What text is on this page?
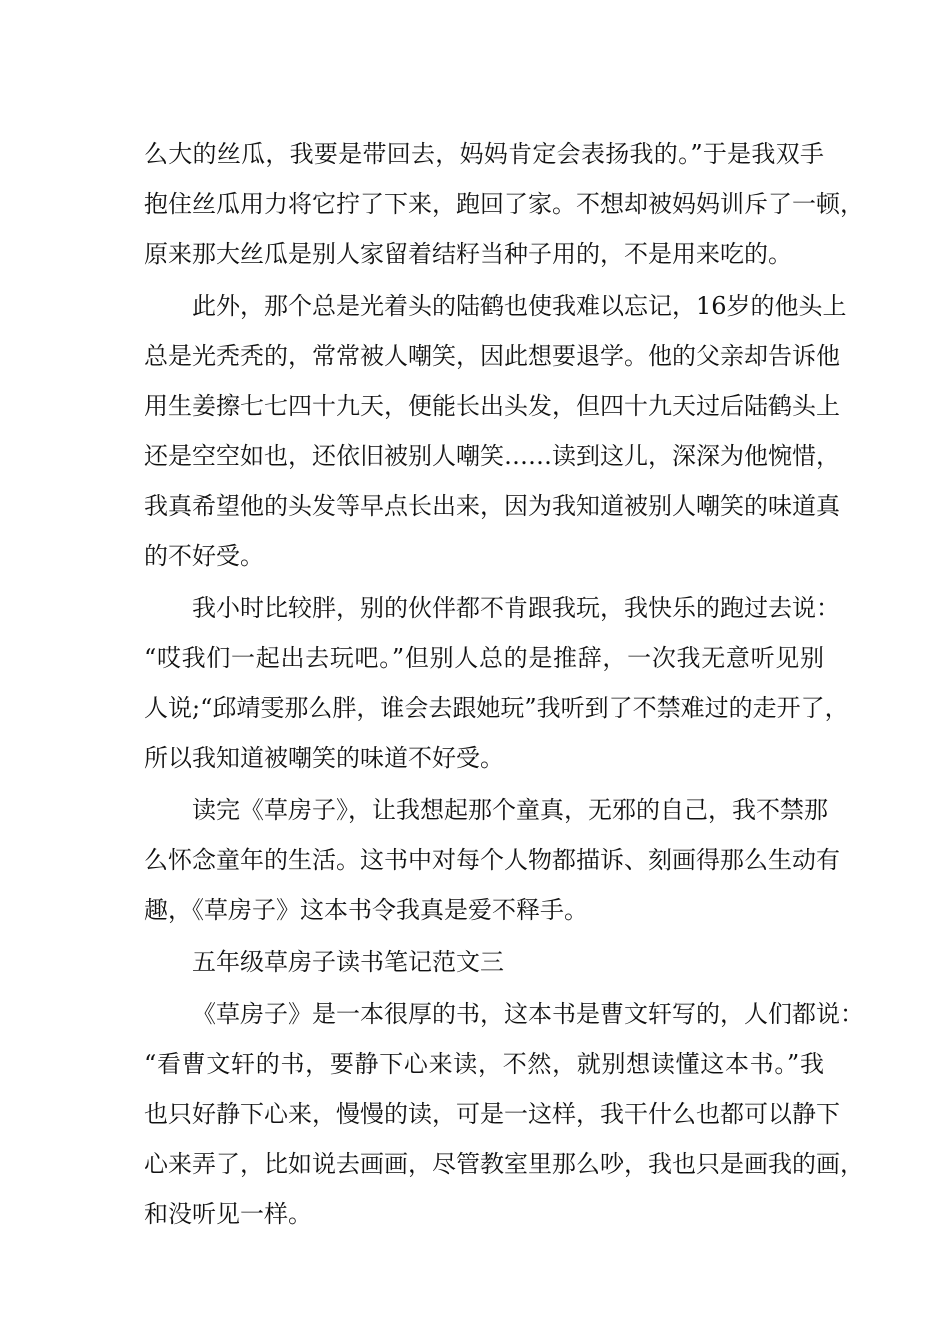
么大的丝瓜，我要是带回去，妈妈肯定会表扬我的。”于是我双手
抱住丝瓜用力将它拧了下来，跑回了家。不想却被妈妈训斥了一顿，
原来那大丝瓜是别人家留着结籽当种子用的，不是用来吃的。
此外，那个总是光着头的陆鹤也使我难以忘记，16岁的他头上
总是光秃秃的，常常被人嘲笑，因此想要退学。他的父亲却告诉他
用生姜擦七七四十九天，便能长出头发，但四十九天过后陆鹤头上
还是空空如也，还依旧被别人嘲笑……读到这儿，深深为他惋惜，
我真希望他的头发等早点长出来，因为我知道被别人嘲笑的味道真
的不好受。
我小时比较胖，别的伙伴都不肯跟我玩，我快乐的跑过去说：
“哎我们一起出去玩吧。”但别人总的是推辞，一次我无意听见别
人说;“邱靖雯那么胖，谁会去跟她玩”我听到了不禁难过的走开了，
所以我知道被嘲笑的味道不好受。
读完《草房子》，让我想起那个童真，无邪的自己，我不禁那
么怀念童年的生活。这书中对每个人物都描诉、刻画得那么生动有
趣，《草房子》这本书令我真是爱不释手。
五年级草房子读书笔记范文三
《草房子》是一本很厚的书，这本书是曹文轩写的，人们都说：
“看曹文轩的书，要静下心来读，不然，就别想读懂这本书。”我
也只好静下心来，慢慢的读，可是一这样，我干什么也都可以静下
心来弄了，比如说去画画，尽管教室里那么吵，我也只是画我的画，
和没听见一样。
